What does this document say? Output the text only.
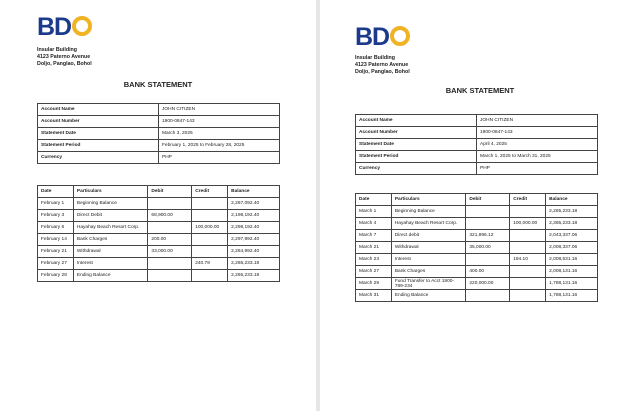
BD
Insular Building
4123 Paterno Avenue
Doljo, Panglao, Bohol
BANK STATEMENT
Account Name	JOHN CITIZEN
Account Number	1900-0847-143
Statement Date	March 3, 2025
Statement Period	February 1, 2025 to February 28, 2025
Currency	PHP
Date	Particulars	Debit	Credit	Balance
February 1	Beginning Balance			2,267,092.40
February 3	Direct Debit	68,900.00		2,198,192.40
February 6	Hayahay Beach Resort Corp.		100,000.00	2,298,192.40
February 14	Bank Charges	200.00		2,297,992.40
February 21	Withdrawal	33,000.00		2,264,992.40
February 27	Interest		240.78	2,265,233.18
February 28	Ending Balance			2,265,233.18
BD
Insular Building
4123 Paterno Avenue
Doljo, Panglao, Bohol
BANK STATEMENT
Account Name	JOHN CITIZEN
Account Number	1900-0847-143
Statement Date	April 4, 2025
Statement Period	March 1, 2025 to March 31, 2025
Currency	PHP
Date	Particulars	Debit	Credit	Balance
March 1	Beginning Balance			2,265,233.18
March 4	Hayahay Beach Resort Corp.		100,000.00	2,365,233.18
March 7	Direct debit	321,896.12		2,043,337.06
March 21	Withdrawal	35,000.00		2,008,337.06
March 23	Interest		194.10	2,008,531.16
March 27	Bank Charges	400.00		2,008,131.16
March 29	Fund Transfer to Acct 1900-789-234	220,000.00		1,788,131.16
March 31	Ending Balance			1,788,131.16
